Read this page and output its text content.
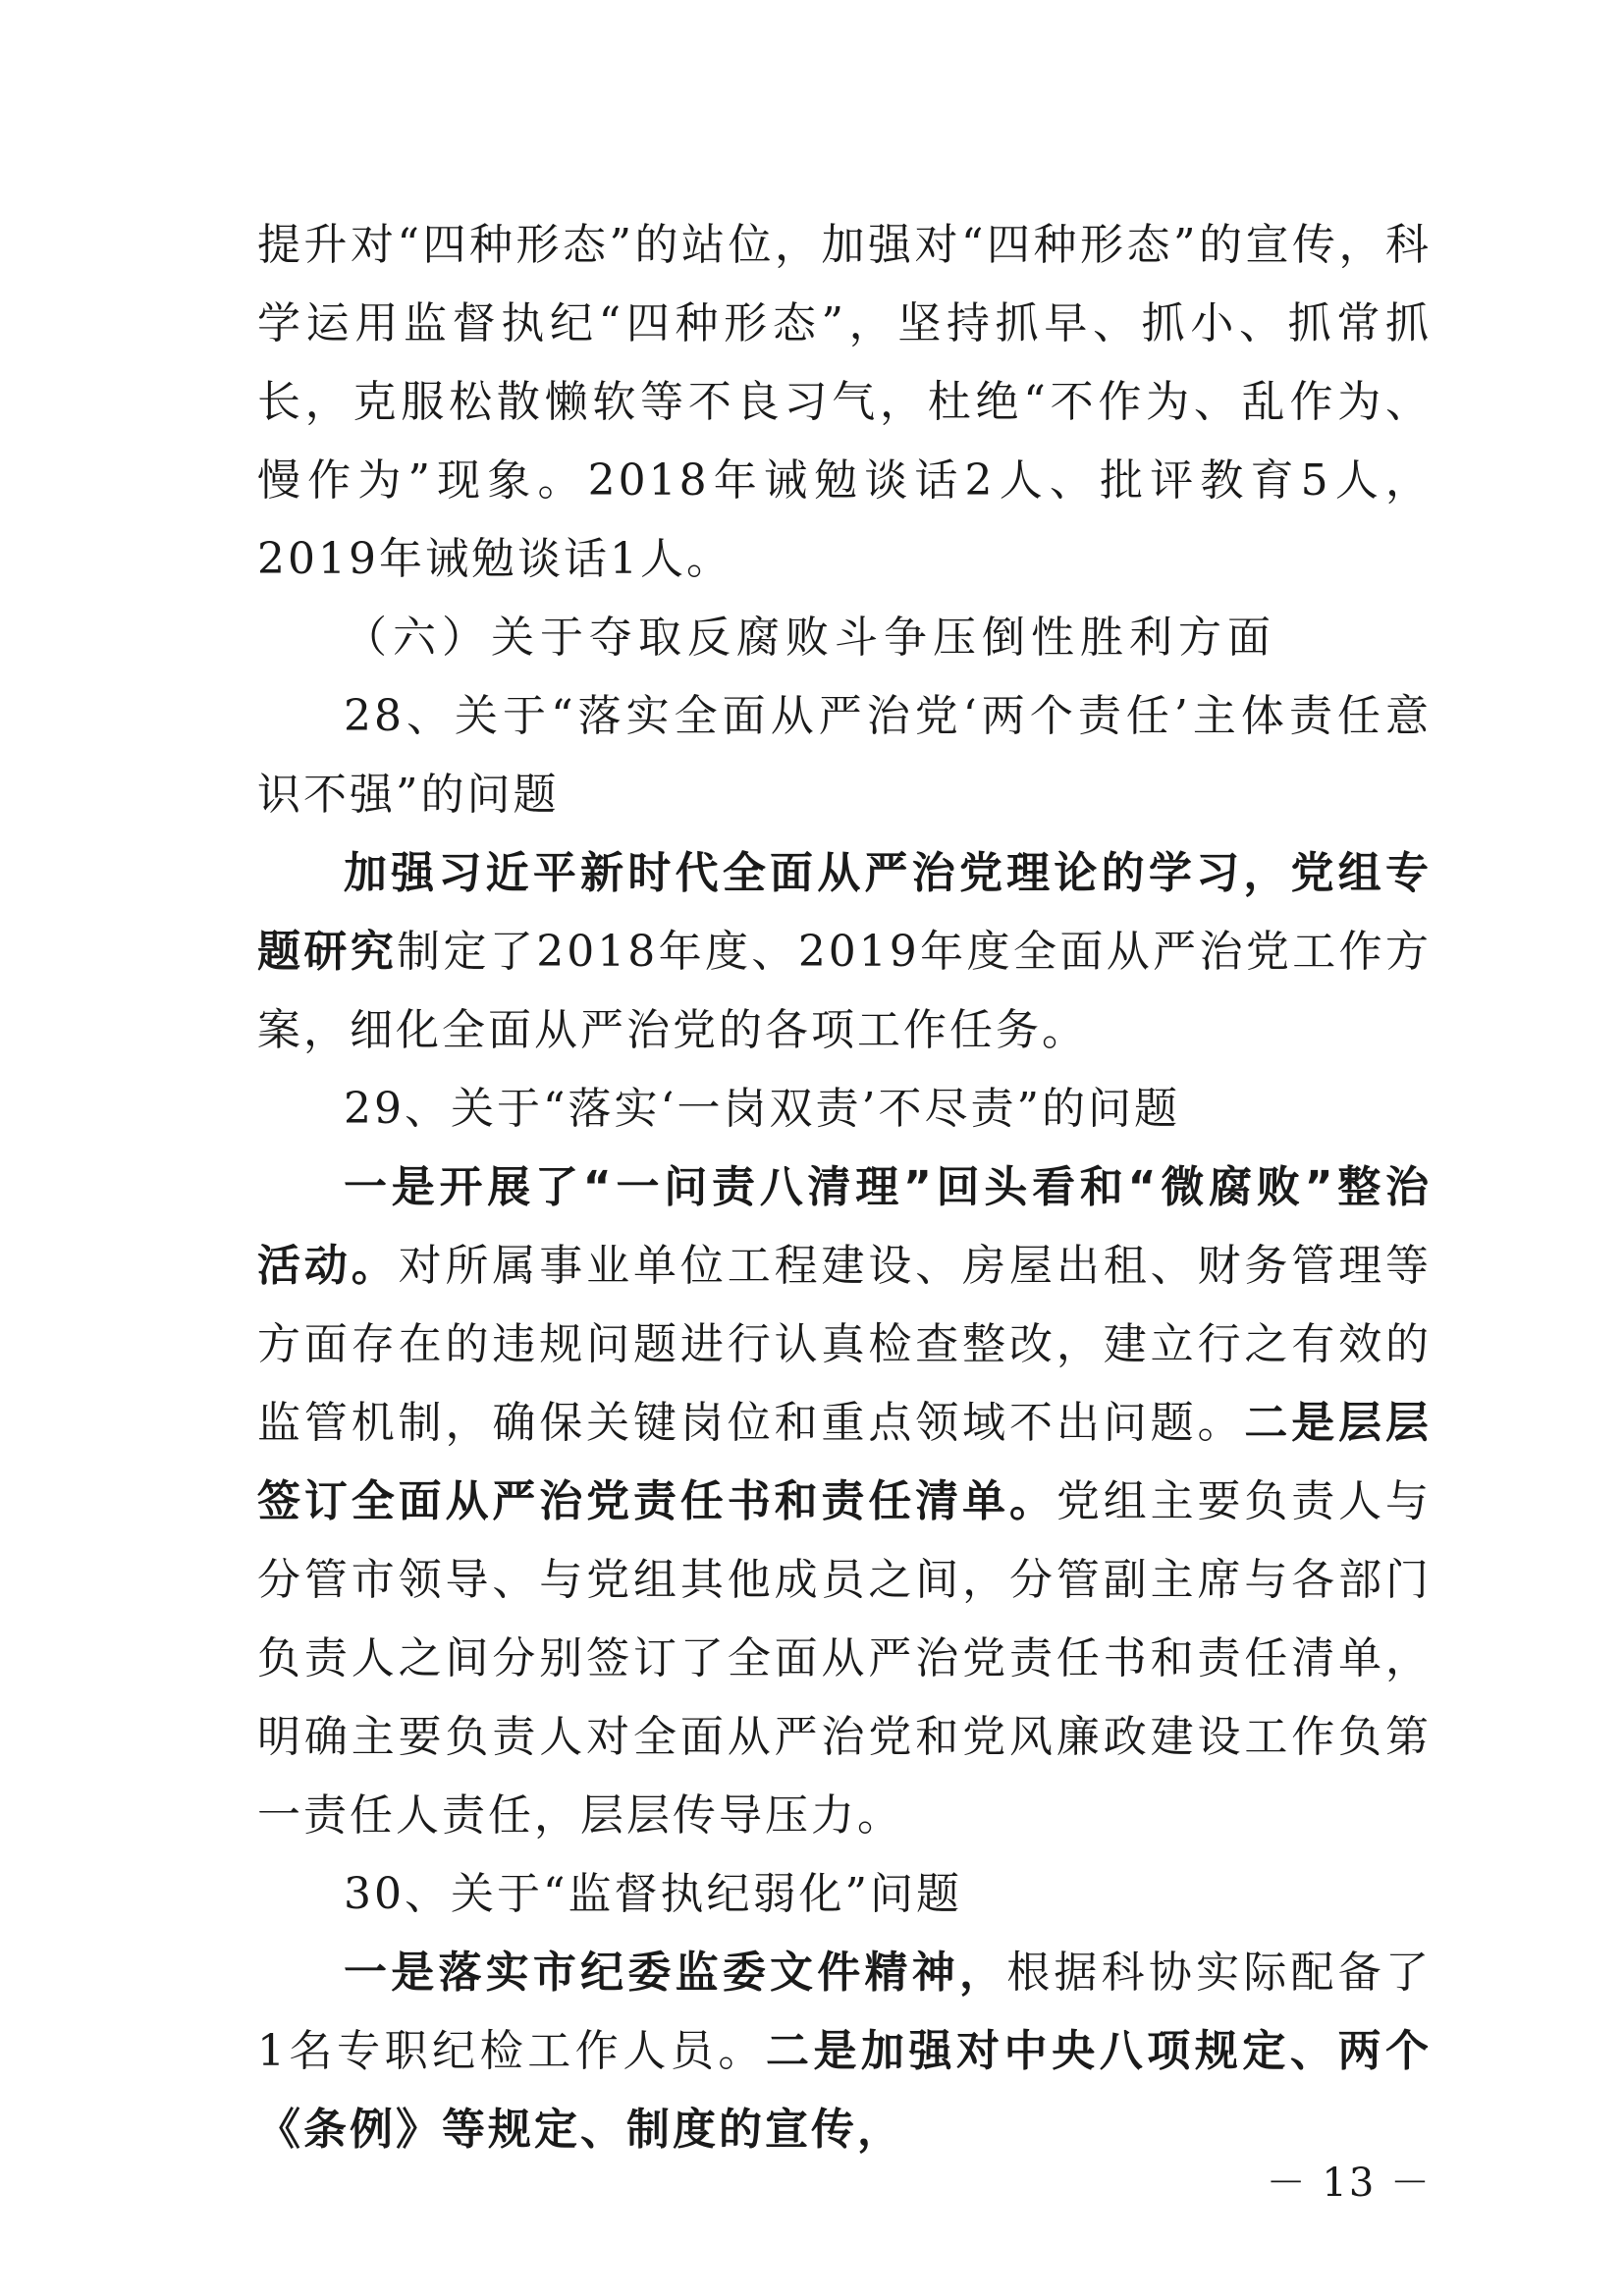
提升对“四种形态”的站位，加强对“四种形态”的宣传，科学运用监督执纪“四种形态”，坚持抓早、抓小、抓常抓长，克服松散懒软等不良习气，杜绝“不作为、乱作为、慢作为”现象。2018年诫勉谈话2人、批评教育5人，2019年诫勉谈话1人。

（六）关于夺取反腐败斗争压倒性胜利方面

28、关于“落实全面从严治党‘两个责任’主体责任意识不强”的问题

加强习近平新时代全面从严治党理论的学习，党组专题研究制定了2018年度、2019年度全面从严治党工作方案，细化全面从严治党的各项工作任务。

29、关于“落实‘一岗双责’不尽责”的问题

一是开展了“一问责八清理”回头看和“微腐败”整治活动。对所属事业单位工程建设、房屋出租、财务管理等方面存在的违规问题进行认真检查整改，建立行之有效的监管机制，确保关键岗位和重点领域不出问题。二是层层签订全面从严治党责任书和责任清单。党组主要负责人与分管市领导、与党组其他成员之间，分管副主席与各部门负责人之间分别签订了全面从严治党责任书和责任清单，明确主要负责人对全面从严治党和党风廉政建设工作负第一责任人责任，层层传导压力。

30、关于“监督执纪弱化”问题

一是落实市纪委监委文件精神，根据科协实际配备了1名专职纪检工作人员。二是加强对中央八项规定、两个《条例》等规定、制度的宣传，

－ 13 －
